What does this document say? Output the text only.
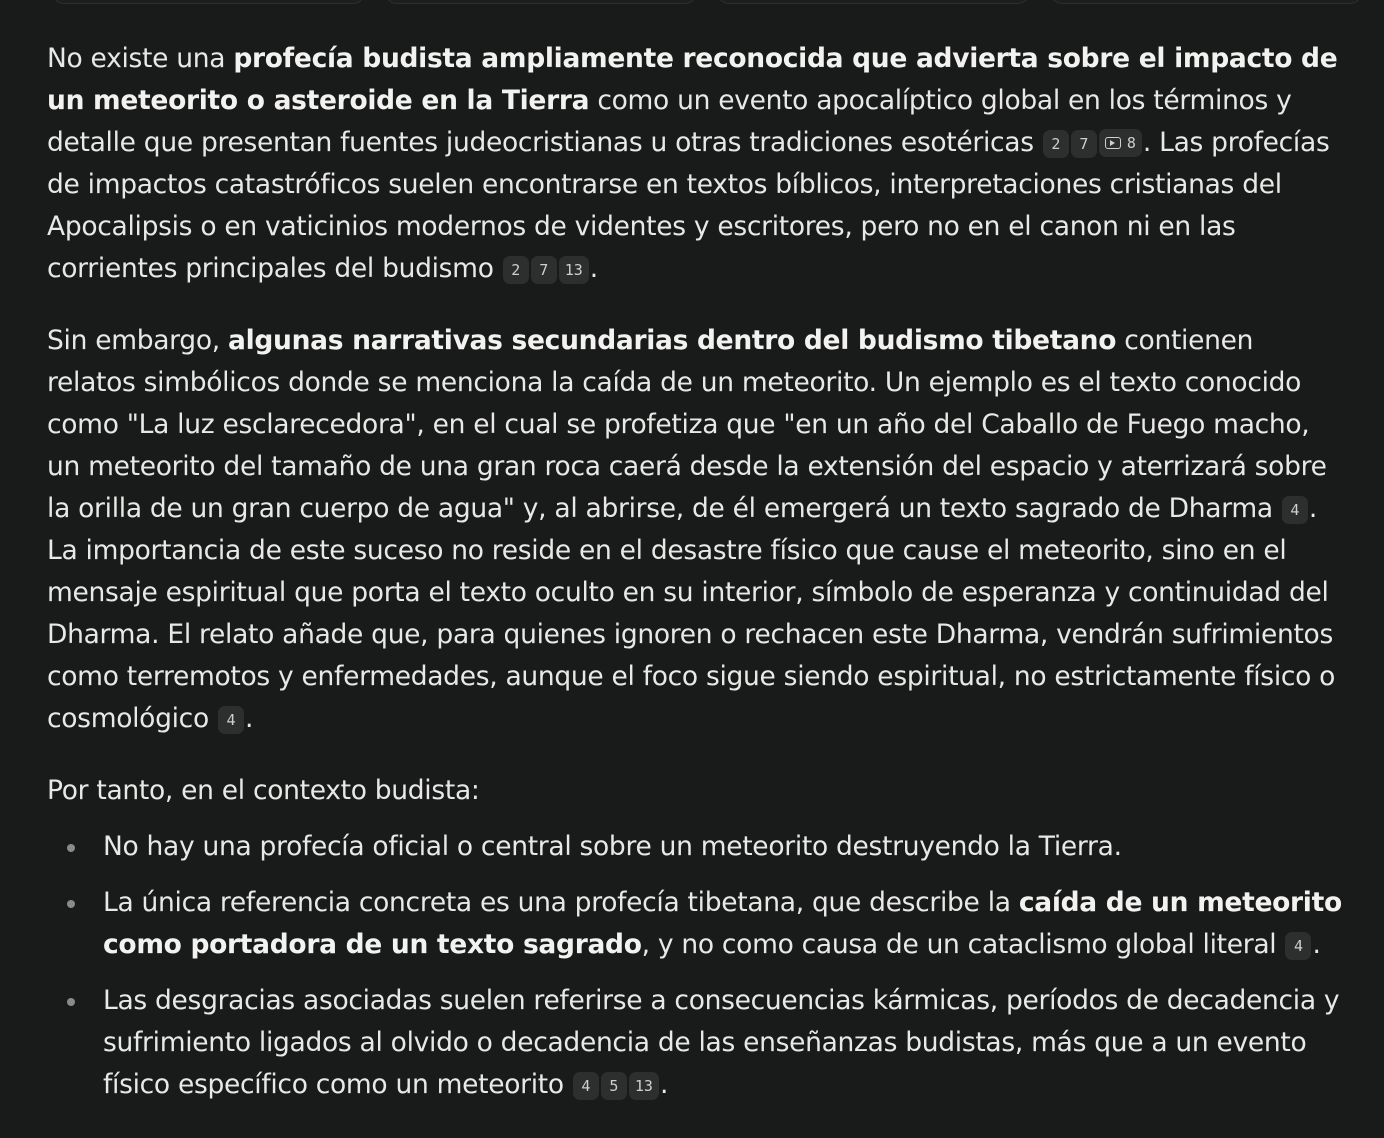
No existe una profecía budista ampliamente reconocida que advierta sobre el impacto de un meteorito o asteroide en la Tierra como un evento apocalíptico global en los términos y detalle que presentan fuentes judeocristianas u otras tradiciones esotéricas 2 7	8 . Las profecías de impactos catastróficos suelen encontrarse en textos bíblicos, interpretaciones cristianas del Apocalipsis o en vaticinios modernos de videntes y escritores, pero no en el canon ni en las corrientes principales del budismo 2 7 13 .

Sin embargo, algunas narrativas secundarias dentro del budismo tibetano contienen relatos simbólicos donde se menciona la caída de un meteorito. Un ejemplo es el texto conocido como "La luz esclarecedora", en el cual se profetiza que "en un año del Caballo de Fuego macho, un meteorito del tamaño de una gran roca caerá desde la extensión del espacio y aterrizará sobre la orilla de un gran cuerpo de agua" y, al abrirse, de él emergerá un texto sagrado de Dharma 4 . La importancia de este suceso no reside en el desastre físico que cause el meteorito, sino en el mensaje espiritual que porta el texto oculto en su interior, símbolo de esperanza y continuidad del Dharma. El relato añade que, para quienes ignoren o rechacen este Dharma, vendrán sufrimientos como terremotos y enfermedades, aunque el foco sigue siendo espiritual, no estrictamente físico o cosmológico 4 .

Por tanto, en el contexto budista:

No hay una profecía oficial o central sobre un meteorito destruyendo la Tierra.
La única referencia concreta es una profecía tibetana, que describe la caída de un meteorito como portadora de un texto sagrado, y no como causa de un cataclismo global literal 4 .
Las desgracias asociadas suelen referirse a consecuencias kármicas, períodos de decadencia y sufrimiento ligados al olvido o decadencia de las enseñanzas budistas, más que a un evento físico específico como un meteorito 4 5 13 .
